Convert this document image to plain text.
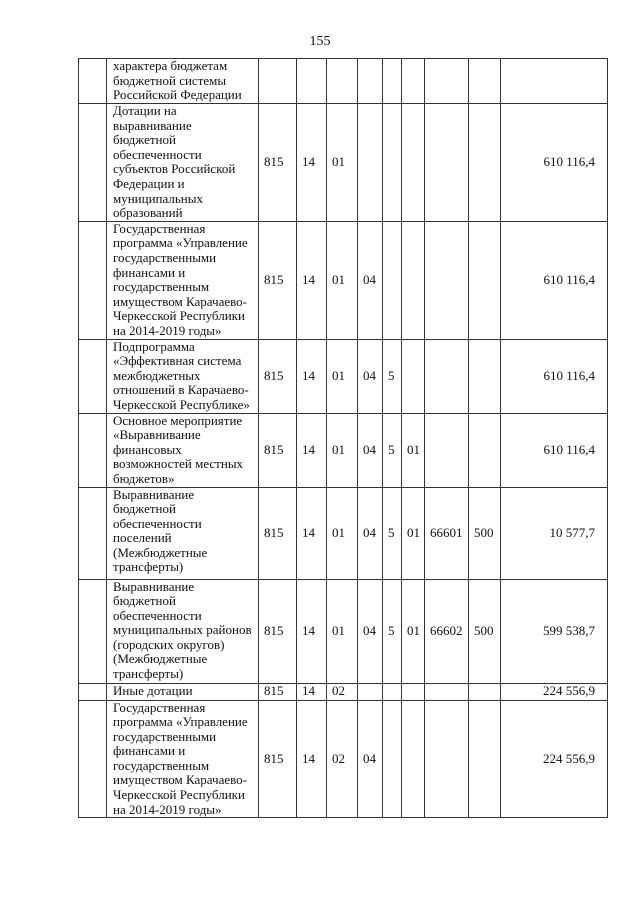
155
	характера бюджетам бюджетной системы Российской Федерации									
	Дотации на выравнивание бюджетной обеспеченности субъектов Российской Федерации и муниципальных образований	815	14	01						610 116,4
	Государственная программа «Управление государственными финансами и государственным имуществом Карачаево-Черкесской Республики на 2014-2019 годы»	815	14	01	04					610 116,4
	Подпрограмма «Эффективная система межбюджетных отношений в Карачаево-Черкесской Республике»	815	14	01	04	5				610 116,4
	Основное мероприятие «Выравнивание финансовых возможностей местных бюджетов»	815	14	01	04	5	01			610 116,4
	Выравнивание бюджетной обеспеченности поселений (Межбюджетные трансферты)	815	14	01	04	5	01	66601	500	10 577,7
	Выравнивание бюджетной обеспеченности муниципальных районов (городских округов) (Межбюджетные трансферты)	815	14	01	04	5	01	66602	500	599 538,7
	Иные дотации	815	14	02						224 556,9
	Государственная программа «Управление государственными финансами и государственным имуществом Карачаево-Черкесской Республики на 2014-2019 годы»	815	14	02	04					224 556,9
